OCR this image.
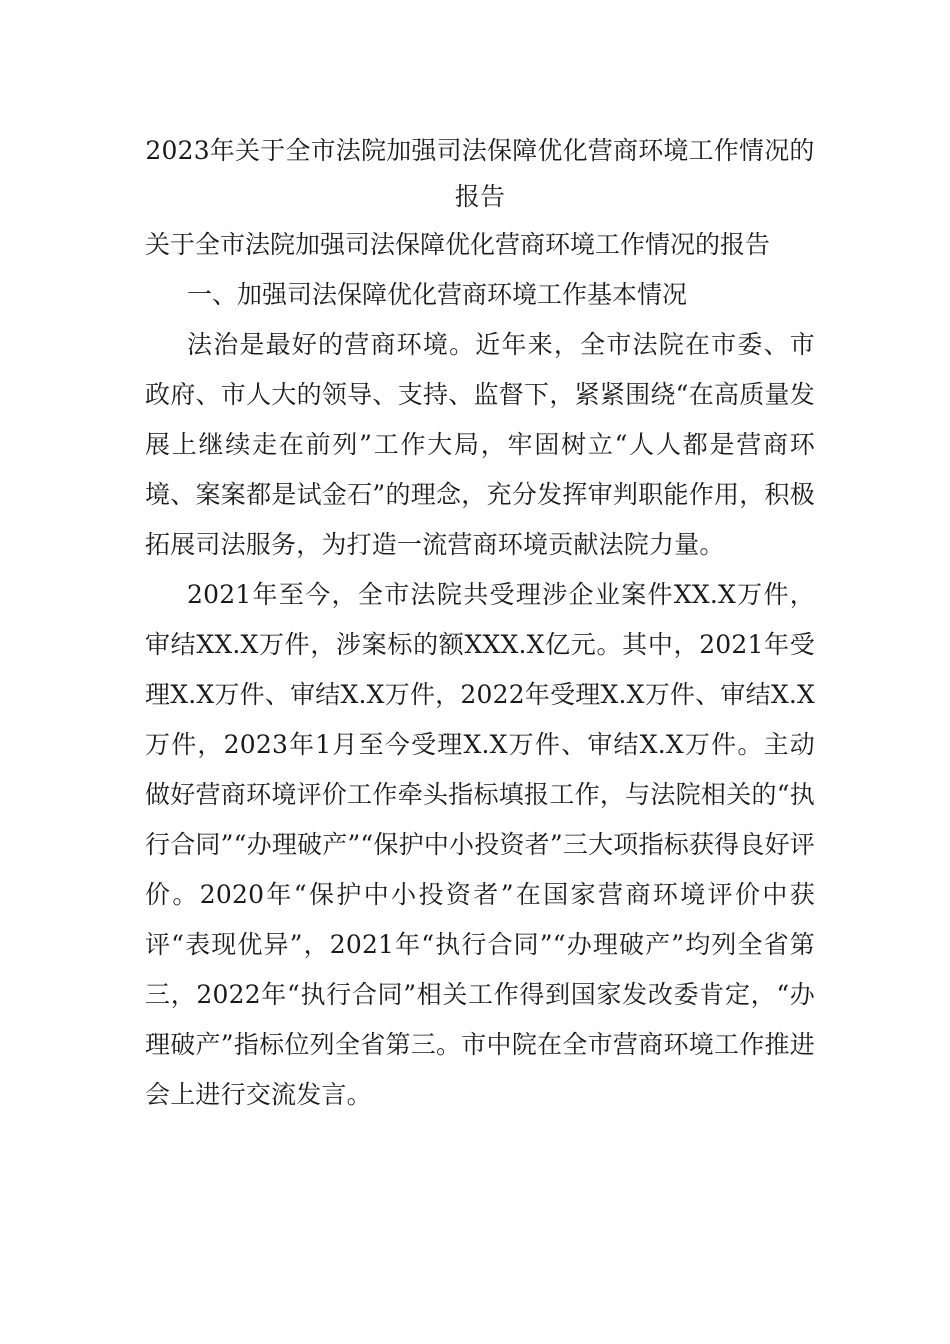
2023年关于全市法院加强司法保障优化营商环境工作情况的报告

关于全市法院加强司法保障优化营商环境工作情况的报告

一、加强司法保障优化营商环境工作基本情况

法治是最好的营商环境。近年来，全市法院在市委、市政府、市人大的领导、支持、监督下，紧紧围绕“在高质量发展上继续走在前列”工作大局，牢固树立“人人都是营商环境、案案都是试金石”的理念，充分发挥审判职能作用，积极拓展司法服务，为打造一流营商环境贡献法院力量。

2021年至今，全市法院共受理涉企业案件XX.X万件，审结XX.X万件，涉案标的额XXX.X亿元。其中，2021年受理X.X万件、审结X.X万件，2022年受理X.X万件、审结X.X万件，2023年1月至今受理X.X万件、审结X.X万件。主动做好营商环境评价工作牵头指标填报工作，与法院相关的“执行合同”“办理破产”“保护中小投资者”三大项指标获得良好评价。2020年“保护中小投资者”在国家营商环境评价中获评“表现优异”，2021年“执行合同”“办理破产”均列全省第三，2022年“执行合同”相关工作得到国家发改委肯定，“办理破产”指标位列全省第三。市中院在全市营商环境工作推进会上进行交流发言。
